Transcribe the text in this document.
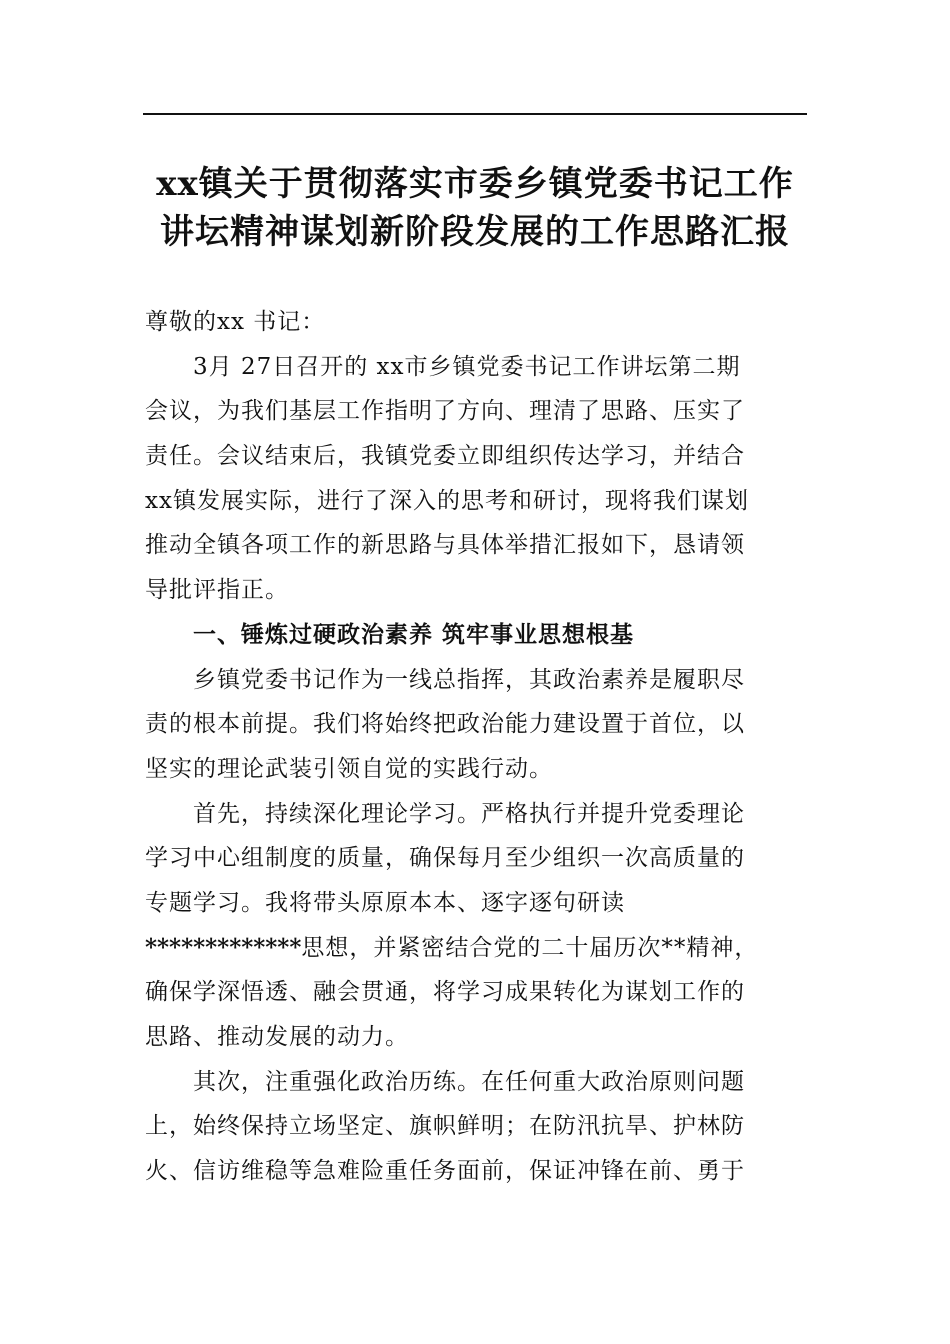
xx镇关于贯彻落实市委乡镇党委书记工作
讲坛精神谋划新阶段发展的工作思路汇报
尊敬的xx 书记：

3月 27日召开的 xx市乡镇党委书记工作讲坛第二期
会议，为我们基层工作指明了方向、理清了思路、压实了
责任。会议结束后，我镇党委立即组织传达学习，并结合
xx镇发展实际，进行了深入的思考和研讨，现将我们谋划
推动全镇各项工作的新思路与具体举措汇报如下，恳请领
导批评指正。

一、锤炼过硬政治素养 筑牢事业思想根基

乡镇党委书记作为一线总指挥，其政治素养是履职尽
责的根本前提。我们将始终把政治能力建设置于首位，以
坚实的理论武装引领自觉的实践行动。

首先，持续深化理论学习。严格执行并提升党委理论
学习中心组制度的质量，确保每月至少组织一次高质量的
专题学习。我将带头原原本本、逐字逐句研读
*************思想，并紧密结合党的二十届历次**精神，
确保学深悟透、融会贯通，将学习成果转化为谋划工作的
思路、推动发展的动力。

其次，注重强化政治历练。在任何重大政治原则问题
上，始终保持立场坚定、旗帜鲜明；在防汛抗旱、护林防
火、信访维稳等急难险重任务面前，保证冲锋在前、勇于
